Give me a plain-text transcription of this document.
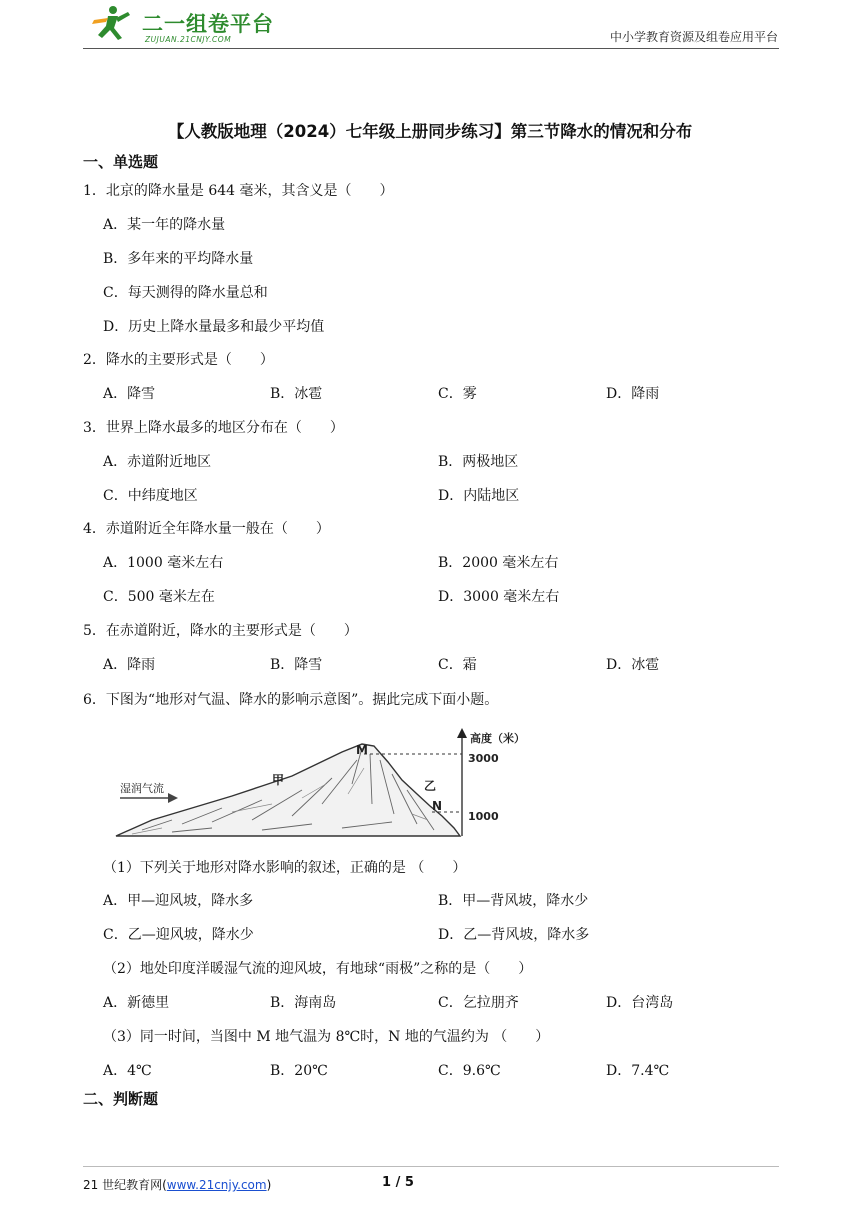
二一组卷平台
ZUJUAN.21CNJY.COM	中小学教育资源及组卷应用平台
【人教版地理（2024）七年级上册同步练习】第三节降水的情况和分布
一、单选题
1．北京的降水量是 644 毫米，其含义是（　　）
A．某一年的降水量
B．多年来的平均降水量
C．每天测得的降水量总和
D．历史上降水量最多和最少平均值
2．降水的主要形式是（　　）
A．降雪	B．冰雹	C．雾	D．降雨
3．世界上降水最多的地区分布在（　　）
A．赤道附近地区	B．两极地区
C．中纬度地区	D．内陆地区
4．赤道附近全年降水量一般在（　　）
A．1000 毫米左右	B．2000 毫米左右
C．500 毫米左在	D．3000 毫米左右
5．在赤道附近，降水的主要形式是（　　）
A．降雨	B．降雪	C．霜	D．冰雹
6．下图为“地形对气温、降水的影响示意图”。据此完成下面小题。
湿润气流
甲	乙
M
N
高度（米）
3000
1000
（1）下列关于地形对降水影响的叙述，正确的是 （　　）
A．甲—迎风坡，降水多	B．甲—背风坡，降水少
C．乙—迎风坡，降水少	D．乙—背风坡，降水多
（2）地处印度洋暖湿气流的迎风坡，有地球“雨极”之称的是（　　）
A．新德里	B．海南岛	C．乞拉朋齐	D．台湾岛
（3）同一时间，当图中 M 地气温为 8℃时，N 地的气温约为 （　　）
A．4℃	B．20℃	C．9.6℃	D．7.4℃
二、判断题
21 世纪教育网(www.21cnjy.com)	1 / 5
